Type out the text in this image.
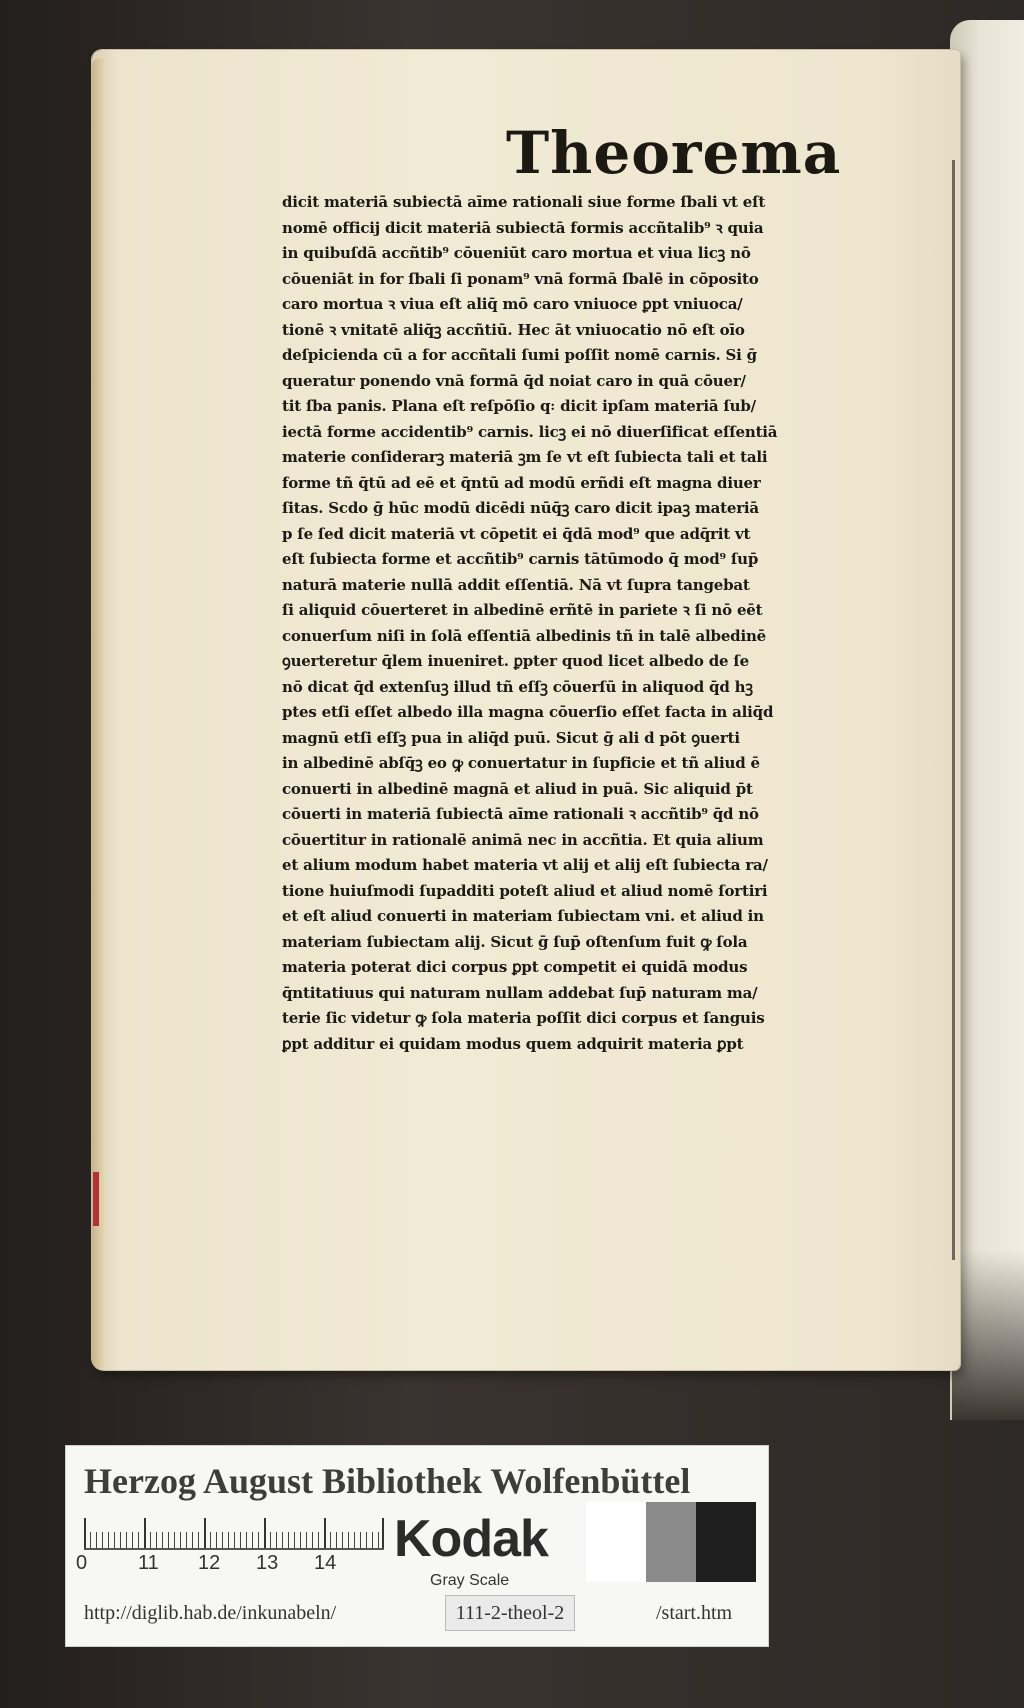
Theorema
dicit materiā subiectā aīme rationali siue forme ſbali vt eſt
nomē officij dicit materiā subiectā formis accñtalib⁹ ꝛ quia
in quibuſdā accñtib⁹ cōueniūt caro mortua et viua licꝫ nō
cōueniāt in for ſbali ſi ponam⁹ vnā formā ſbalē in cōposito
caro mortua ꝛ viua eſt aliq̄ mō caro vniuoce ꝑpt vniuoca/
tionē ꝛ vnitatē aliq̄ꝫ accñtiū. Hec āt vniuocatio nō eſt oīo
deſpicienda cū a for accñtali ſumi poſſit nomē carnis. Si ḡ
queratur ponendo vnā formā q̄d noiat caro in quā cōuer/
tit ſba panis. Plana eſt reſpōſio q꞉ dicit ipſam materiā ſub/
iectā forme accidentib⁹ carnis. licꝫ ei nō diuerſificat eſſentiā
materie conſiderarꝫ materiā ꝫm ſe vt eſt ſubiecta tali et tali
forme tñ q̄tū ad eē et q̄ntū ad modū erñdi eſt magna diuer
ſitas. Scdo ḡ hūc modū dicēdi nūq̄ꝫ caro dicit ipaꝫ materiā
p ſe ſed dicit materiā vt cōpetit ei q̄dā mod⁹ que adq̄rit vt
eſt ſubiecta forme et accñtib⁹ carnis tātūmodo q̄ mod⁹ ſup̄
naturā materie nullā addit eſſentiā. Nā vt ſupra tangebat
ſi aliquid cōuerteret in albedinē erñtē in pariete ꝛ ſi nō eēt
conuerſum niſi in ſolā eſſentiā albedinis tñ in talē albedinē
ꝯuerteretur q̄lem inueniret. ꝑpter quod licet albedo de ſe
nō dicat q̄d extenſuꝫ illud tñ eſſꝫ cōuerſū in aliquod q̄d hꝫ
ptes etſi eſſet albedo illa magna cōuerſio eſſet facta in aliq̄d
magnū etſi eſſꝫ pua in aliq̄d puū. Sicut ḡ ali d pōt ꝯuerti
in albedinē abſq̄ꝫ eo ꝙ conuertatur in ſupficie et tñ aliud ē
conuerti in albedinē magnā et aliud in puā. Sic aliquid p̄t
cōuerti in materiā ſubiectā aīme rationali ꝛ accñtib⁹ q̄d nō
cōuertitur in rationalē animā nec in accñtia. Et quia alium
et alium modum habet materia vt alij et alij eſt ſubiecta ra/
tione huiuſmodi ſupadditi poteſt aliud et aliud nomē ſortiri
et eſt aliud conuerti in materiam ſubiectam vni. et aliud in
materiam ſubiectam alij. Sicut ḡ ſup̄ oſtenſum fuit ꝙ ſola
materia poterat dici corpus ꝑpt competit ei quidā modus
q̄ntitatiuus qui naturam nullam addebat ſup̄ naturam ma/
terie ſic videtur ꝙ ſola materia poſſit dici corpus et ſanguis
ꝑpt additur ei quidam modus quem adquirit materia ꝑpt
Herzog August Bibliothek Wolfenbüttel
0	11 12 13 14 Kodak
Gray Scale
http://diglib.hab.de/inkunabeln/	111-2-theol-2	/start.htm
